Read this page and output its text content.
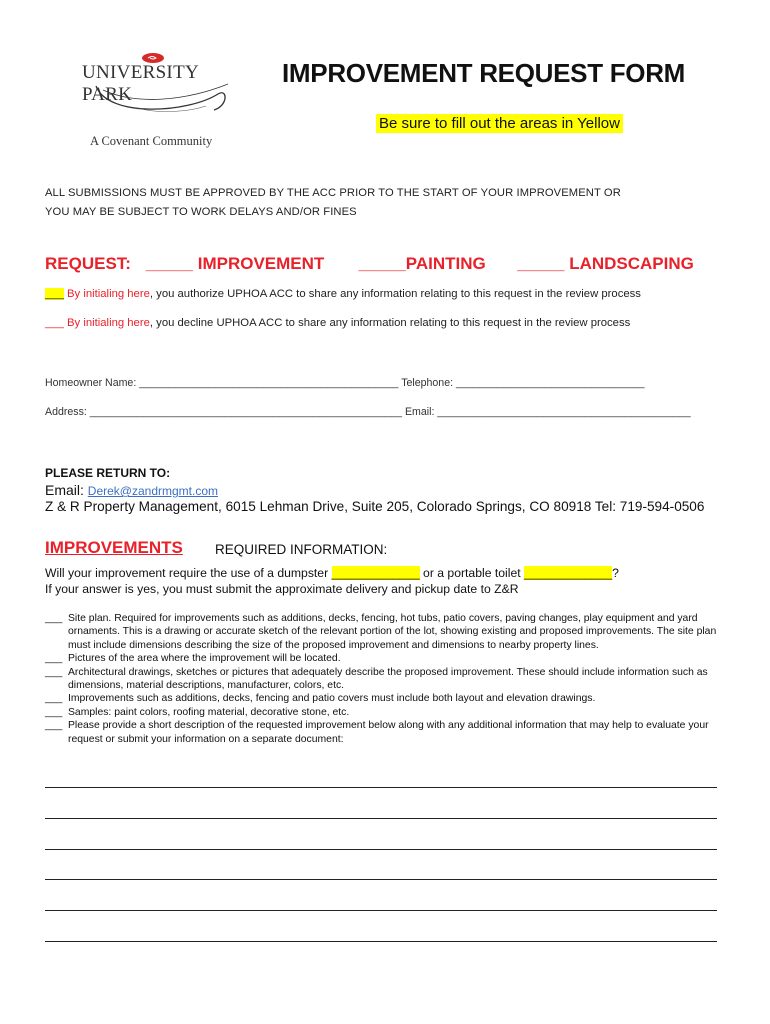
UNIVERSITY PARK
A Covenant Community
IMPROVEMENT REQUEST FORM
Be sure to fill out the areas in Yellow
ALL SUBMISSIONS MUST BE APPROVED BY THE ACC PRIOR TO THE START OF YOUR IMPROVEMENT OR
YOU MAY BE SUBJECT TO WORK DELAYS AND/OR FINES
REQUEST: _____ IMPROVEMENT _____PAINTING _____ LANDSCAPING
___ By initialing here, you authorize UPHOA ACC to share any information relating to this request in the review process
___ By initialing here, you decline UPHOA ACC to share any information relating to this request in the review process
Homeowner Name: ____________________________________________ Telephone: ________________________________
Address: _____________________________________________________ Email: ___________________________________________
PLEASE RETURN TO:
Email: Derek@zandrmgmt.com
Z & R Property Management, 6015 Lehman Drive, Suite 205, Colorado Springs, CO 80918 Tel: 719-594-0506
IMPROVEMENTS REQUIRED INFORMATION:
Will your improvement require the use of a dumpster _____________ or a portable toilet _____________?
If your answer is yes, you must submit the approximate delivery and pickup date to Z&R
___ Site plan. Required for improvements such as additions, decks, fencing, hot tubs, patio covers, paving changes, play equipment and yard ornaments. This is a drawing or accurate sketch of the relevant portion of the lot, showing existing and proposed improvements. The site plan must include dimensions describing the size of the proposed improvement and dimensions to nearby property lines.
___ Pictures of the area where the improvement will be located.
___ Architectural drawings, sketches or pictures that adequately describe the proposed improvement. These should include information such as dimensions, material descriptions, manufacturer, colors, etc.
___ Improvements such as additions, decks, fencing and patio covers must include both layout and elevation drawings.
___ Samples: paint colors, roofing material, decorative stone, etc.
___ Please provide a short description of the requested improvement below along with any additional information that may help to evaluate your request or submit your information on a separate document:
